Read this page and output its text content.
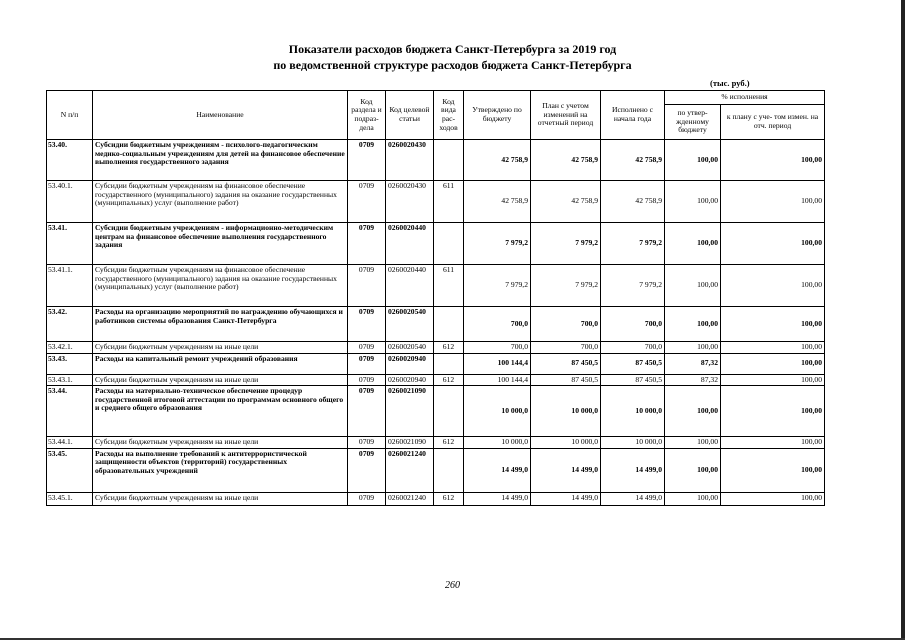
Показатели расходов бюджета Санкт-Петербурга за 2019 год
по ведомственной структуре расходов бюджета Санкт-Петербурга
(тыс. руб.)
N п/п	Наименование	Код раздела и подраз- дела	Код целевой статьи	Код вида рас- ходов	Утверждено по бюджету	План с учетом изменений на отчетный период	Исполнено с начала года	% исполнения	
								по утвер- жденному бюджету	к плану с уче- том измен. на отч. период
53.40.	Субсидии бюджетным учреждениям - психолого-педагогическим медико-социальным учреждениям для детей на финансовое обеспечение выполнения государственного задания	0709	0260020430		42 758,9	42 758,9	42 758,9	100,00	100,00
53.40.1.	Субсидии бюджетным учреждениям на финансовое обеспечение государственного (муниципального) задания на оказание государственных (муниципальных) услуг (выполнение работ)	0709	0260020430	611	42 758,9	42 758,9	42 758,9	100,00	100,00
53.41.	Субсидии бюджетным учреждениям - информационно-методическим центрам на финансовое обеспечение выполнения государственного задания	0709	0260020440		7 979,2	7 979,2	7 979,2	100,00	100,00
53.41.1.	Субсидии бюджетным учреждениям на финансовое обеспечение государственного (муниципального) задания на оказание государственных (муниципальных) услуг (выполнение работ)	0709	0260020440	611	7 979,2	7 979,2	7 979,2	100,00	100,00
53.42.	Расходы на организацию мероприятий по награждению обучающихся и работников системы образования Санкт-Петербурга	0709	0260020540		700,0	700,0	700,0	100,00	100,00
53.42.1.	Субсидии бюджетным учреждениям на иные цели	0709	0260020540	612	700,0	700,0	700,0	100,00	100,00
53.43.	Расходы на капитальный ремонт учреждений образования	0709	0260020940		100 144,4	87 450,5	87 450,5	87,32	100,00
53.43.1.	Субсидии бюджетным учреждениям на иные цели	0709	0260020940	612	100 144,4	87 450,5	87 450,5	87,32	100,00
53.44.	Расходы на материально-техническое обеспечение процедур государственной итоговой аттестации по программам основного общего и среднего общего образования	0709	0260021090		10 000,0	10 000,0	10 000,0	100,00	100,00
53.44.1.	Субсидии бюджетным учреждениям на иные цели	0709	0260021090	612	10 000,0	10 000,0	10 000,0	100,00	100,00
53.45.	Расходы на выполнение требований к антитеррористической защищенности объектов (территорий) государственных образовательных учреждений	0709	0260021240		14 499,0	14 499,0	14 499,0	100,00	100,00
53.45.1.	Субсидии бюджетным учреждениям на иные цели	0709	0260021240	612	14 499,0	14 499,0	14 499,0	100,00	100,00
260
